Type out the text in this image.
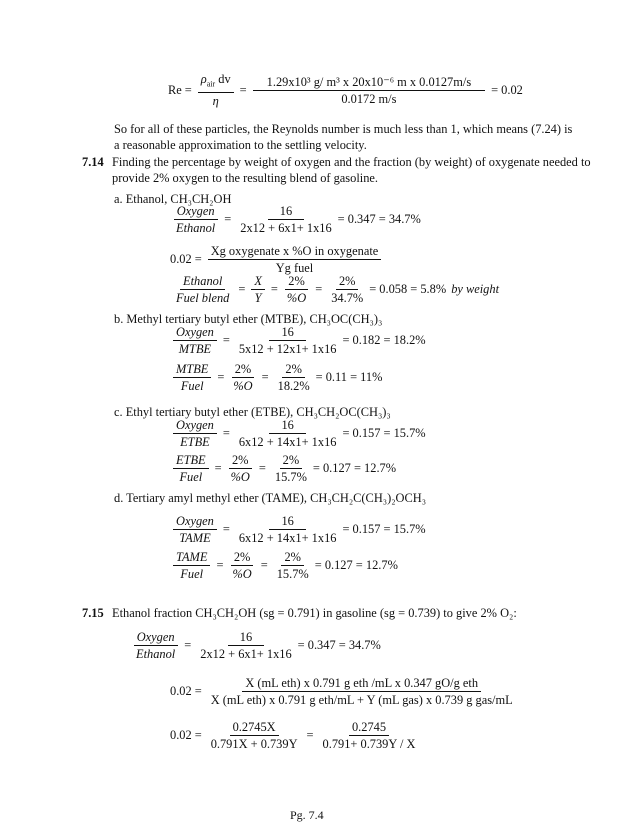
$Re = \frac{\rho_{air} dv}{\eta} = \frac{\text{1.29x10³ g/ m³ x 20x10⁻⁶ m x 0.0127m/s}}{0.0172 m/s} = 0.02$
So for all of these particles, the Reynolds number is much less than 1, which means (7.24) is a reasonable approximation to the settling velocity.
7.14 Finding the percentage by weight of oxygen and the fraction (by weight) of oxygenate needed to provide 2% oxygen to the resulting blend of gasoline.
a. Ethanol, CH₃CH₂OH
$\frac{\text{Oxygen}}{\text{Ethanol}} = \frac{16}{2x12 + 6x1+ 1x16} = 0.347 = 34.7\%$
$0.02 = \frac{\text{Xg oxygenate x \%O in oxygenate}}{\text{Yg fuel}}$
$\frac{\text{Ethanol}}{\text{Fuel blend}} = \frac{X}{Y} = \frac{2\%}{\%O} = \frac{2\%}{34.7\%} = 0.058 = 5.8\%$ by weight
b. Methyl tertiary butyl ether (MTBE), CH₃OC(CH₃)₃
$\frac{\text{Oxygen}}{\text{MTBE}} = \frac{16}{5x12 + 12x1+ 1x16} = 0.182 = 18.2\%$
$\frac{\text{MTBE}}{\text{Fuel}} = \frac{2\%}{\%O} = \frac{2\%}{18.2\%} = 0.11 = 11\%$
c. Ethyl tertiary butyl ether (ETBE), CH₃CH₂OC(CH₃)₃
$\frac{\text{Oxygen}}{\text{ETBE}} = \frac{16}{6x12 + 14x1+ 1x16} = 0.157 = 15.7\%$
$\frac{\text{ETBE}}{\text{Fuel}} = \frac{2\%}{\%O} = \frac{2\%}{15.7\%} = 0.127 = 12.7\%$
d. Tertiary amyl methyl ether (TAME), CH₃CH₂C(CH₃)₂OCH₃
$\frac{\text{Oxygen}}{\text{TAME}} = \frac{16}{6x12 + 14x1+ 1x16} = 0.157 = 15.7\%$
$\frac{\text{TAME}}{\text{Fuel}} = \frac{2\%}{\%O} = \frac{2\%}{15.7\%} = 0.127 = 12.7\%$
7.15 Ethanol fraction CH₃CH₂OH (sg = 0.791) in gasoline (sg = 0.739) to give 2% O₂:
$\frac{\text{Oxygen}}{\text{Ethanol}} = \frac{16}{2x12 + 6x1+ 1x16} = 0.347 = 34.7\%$
$0.02 = \frac{\text{X (mL eth) x 0.791 g eth /mL x 0.347 gO/g eth}}{\text{X (mL eth) x 0.791 g eth/mL + Y (mL gas) x 0.739 g gas/mL}}$
$0.02 = \frac{0.2745X}{0.791X + 0.739Y} = \frac{0.2745}{0.791+ 0.739Y / X}$
Pg. 7.4
